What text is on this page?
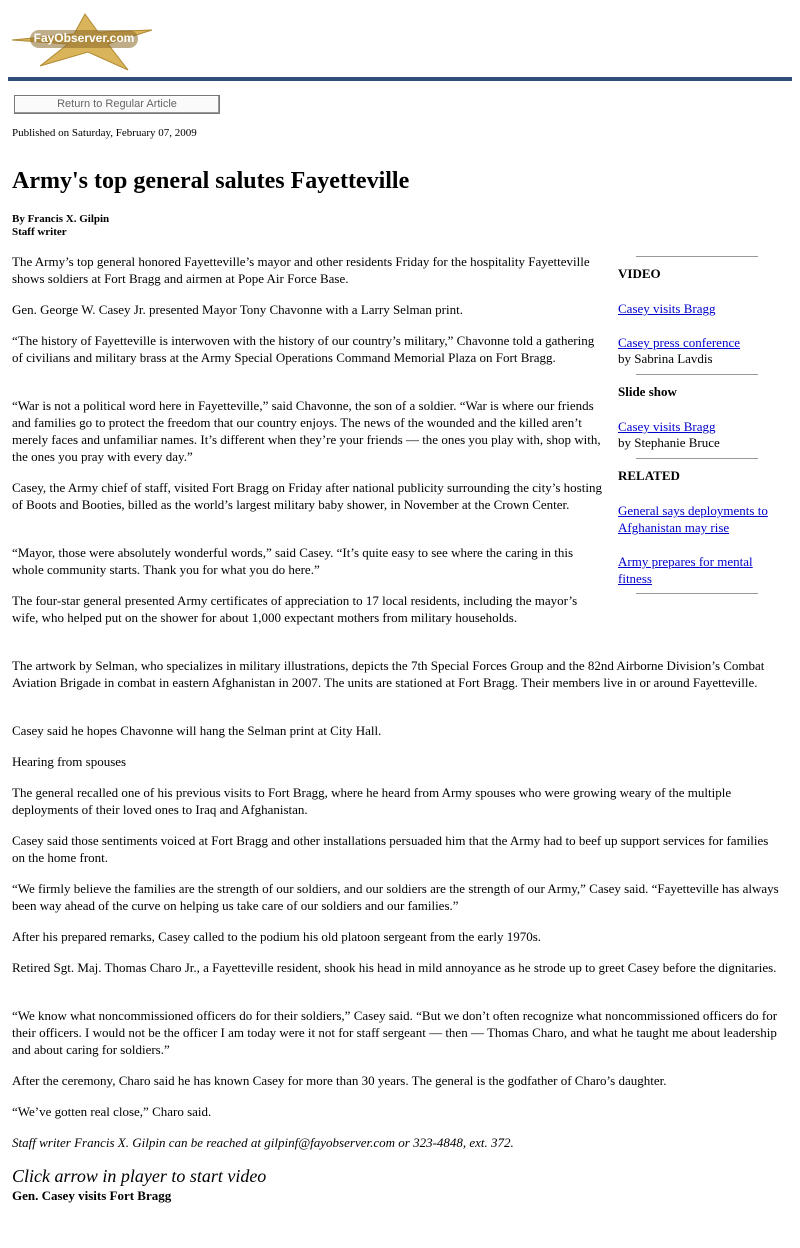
FayObserver.com
Return to Regular Article
Published on Saturday, February 07, 2009
Army's top general salutes Fayetteville
By Francis X. Gilpin
Staff writer

The Army’s top general honored Fayetteville’s mayor and other residents Friday for the hospitality Fayetteville shows soldiers at Fort Bragg and airmen at Pope Air Force Base.

Gen. George W. Casey Jr. presented Mayor Tony Chavonne with a Larry Selman print.

“The history of Fayetteville is interwoven with the history of our country’s military,” Chavonne told a gathering of civilians and military brass at the Army Special Operations Command Memorial Plaza on Fort Bragg.

“War is not a political word here in Fayetteville,” said Chavonne, the son of a soldier. “War is where our friends and families go to protect the freedom that our country enjoys. The news of the wounded and the killed aren’t merely faces and unfamiliar names. It’s different when they’re your friends — the ones you play with, shop with, the ones you pray with every day.”

Casey, the Army chief of staff, visited Fort Bragg on Friday after national publicity surrounding the city’s hosting of Boots and Booties, billed as the world’s largest military baby shower, in November at the Crown Center.

“Mayor, those were absolutely wonderful words,” said Casey. “It’s quite easy to see where the caring in this whole community starts. Thank you for what you do here.”

The four-star general presented Army certificates of appreciation to 17 local residents, including the mayor’s wife, who helped put on the shower for about 1,000 expectant mothers from military households.

The artwork by Selman, who specializes in military illustrations, depicts the 7th Special Forces Group and the 82nd Airborne Division’s Combat Aviation Brigade in combat in eastern Afghanistan in 2007. The units are stationed at Fort Bragg. Their members live in or around Fayetteville.

Casey said he hopes Chavonne will hang the Selman print at City Hall.

Hearing from spouses

The general recalled one of his previous visits to Fort Bragg, where he heard from Army spouses who were growing weary of the multiple deployments of their loved ones to Iraq and Afghanistan.

Casey said those sentiments voiced at Fort Bragg and other installations persuaded him that the Army had to beef up support services for families on the home front.

“We firmly believe the families are the strength of our soldiers, and our soldiers are the strength of our Army,” Casey said. “Fayetteville has always been way ahead of the curve on helping us take care of our soldiers and our families.”

After his prepared remarks, Casey called to the podium his old platoon sergeant from the early 1970s.

Retired Sgt. Maj. Thomas Charo Jr., a Fayetteville resident, shook his head in mild annoyance as he strode up to greet Casey before the dignitaries.

“We know what noncommissioned officers do for their soldiers,” Casey said. “But we don’t often recognize what noncommissioned officers do for their officers. I would not be the officer I am today were it not for staff sergeant — then — Thomas Charo, and what he taught me about leadership and about caring for soldiers.”

After the ceremony, Charo said he has known Casey for more than 30 years. The general is the godfather of Charo’s daughter.

“We’ve gotten real close,” Charo said.

Staff writer Francis X. Gilpin can be reached at gilpinf@fayobserver.com or 323-4848, ext. 372.

VIDEO
Casey visits Bragg
Casey press conference
by Sabrina Lavdis
Slide show
Casey visits Bragg
by Stephanie Bruce
RELATED
General says deployments to Afghanistan may rise
Army prepares for mental fitness
Click arrow in player to start video
Gen. Casey visits Fort Bragg
